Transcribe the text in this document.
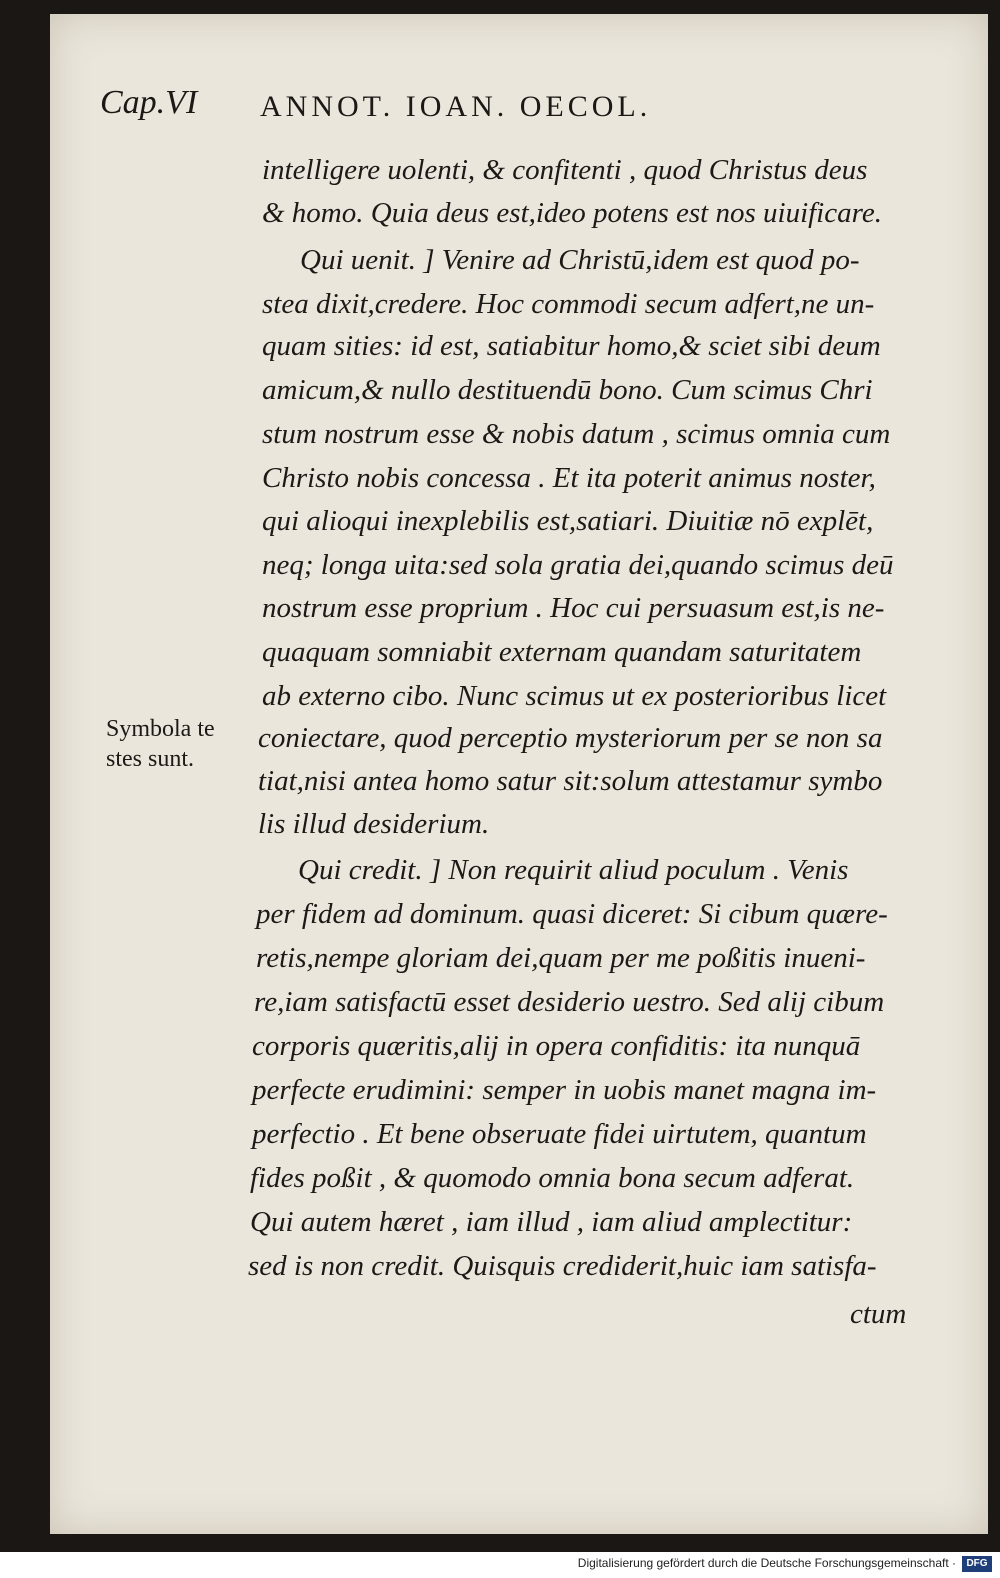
Cap.VI ANNOT. IOAN. OECOL.
intelligere uolenti, & confitenti , quod Christus deus
& homo. Quia deus est,ideo potens est nos uiuificare.
Qui uenit. ] Venire ad Christū,idem est quod po-
stea dixit,credere. Hoc commodi secum adfert,ne un-
quam sities: id est, satiabitur homo,& sciet sibi deum
amicum,& nullo destituendū bono. Cum scimus Chri
stum nostrum esse & nobis datum , scimus omnia cum
Christo nobis concessa . Et ita poterit animus noster,
qui alioqui inexplebilis est,satiari. Diuitiæ nō explēt,
neq; longa uita:sed sola gratia dei,quando scimus deū
nostrum esse proprium . Hoc cui persuasum est,is ne-
quaquam somniabit externam quandam saturitatem
ab externo cibo. Nunc scimus ut ex posterioribus licet
coniectare, quod perceptio mysteriorum per se non sa
tiat,nisi antea homo satur sit:solum attestamur symbo
lis illud desiderium.
Qui credit. ] Non requirit aliud poculum . Venis
per fidem ad dominum. quasi diceret: Si cibum quære-
retis,nempe gloriam dei,quam per me poßitis inueni-
re,iam satisfactū esset desiderio uestro. Sed alij cibum
corporis quæritis,alij in opera confiditis: ita nunquā
perfecte erudimini: semper in uobis manet magna im-
perfectio . Et bene obseruate fidei uirtutem, quantum
fides poßit , & quomodo omnia bona secum adferat.
Qui autem hæret , iam illud , iam aliud amplectitur:
sed is non credit. Quisquis crediderit,huic iam satisfa-
ctum
Symbola te
stes sunt.
Digitalisierung gefördert durch die Deutsche Forschungsgemeinschaft ·	DFG
